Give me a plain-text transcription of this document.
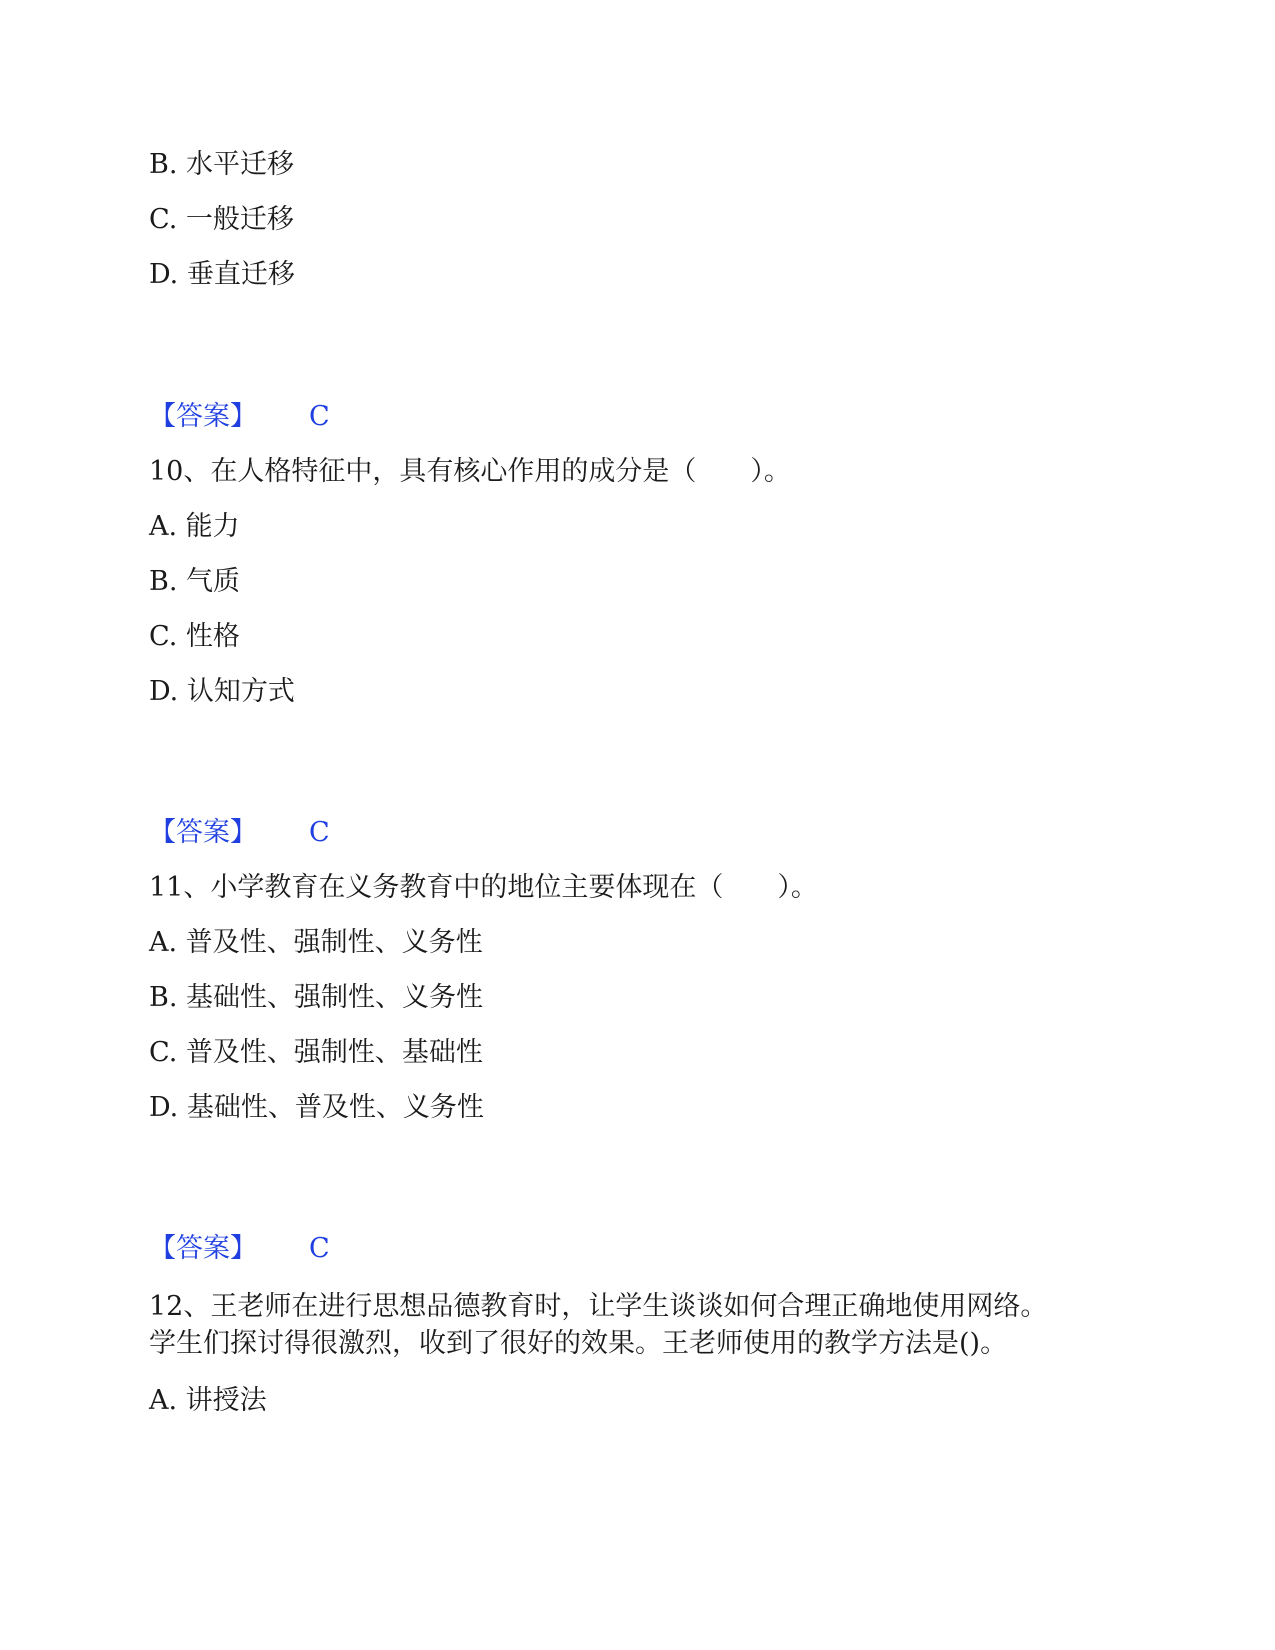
B. 水平迁移
C. 一般迁移
D. 垂直迁移
【答案】 C
10、在人格特征中，具有核心作用的成分是（　　）。
A. 能力
B. 气质
C. 性格
D. 认知方式
【答案】 C
11、小学教育在义务教育中的地位主要体现在（　　）。
A. 普及性、强制性、义务性
B. 基础性、强制性、义务性
C. 普及性、强制性、基础性
D. 基础性、普及性、义务性
【答案】 C
12、王老师在进行思想品德教育时，让学生谈谈如何合理正确地使用网络。
学生们探讨得很激烈，收到了很好的效果。王老师使用的教学方法是()。
A. 讲授法
